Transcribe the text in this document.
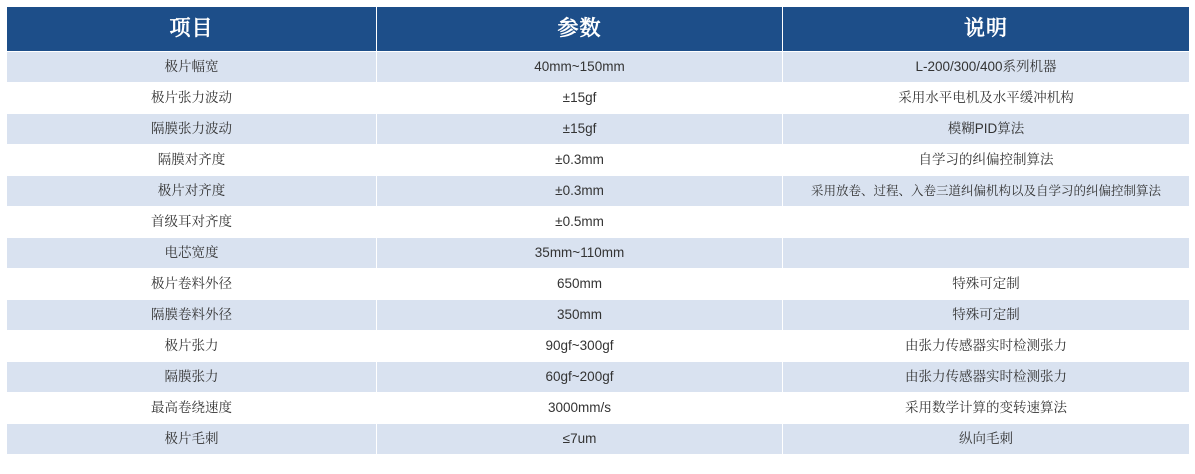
项目	参数	说明
极片幅宽	40mm~150mm	L-200/300/400系列机器
极片张力波动	±15gf	采用水平电机及水平缓冲机构
隔膜张力波动	±15gf	模糊PID算法
隔膜对齐度	±0.3mm	自学习的纠偏控制算法
极片对齐度	±0.3mm	采用放卷、过程、入卷三道纠偏机构以及自学习的纠偏控制算法
首级耳对齐度	±0.5mm	
电芯宽度	35mm~110mm	
极片卷料外径	650mm	特殊可定制
隔膜卷料外径	350mm	特殊可定制
极片张力	90gf~300gf	由张力传感器实时检测张力
隔膜张力	60gf~200gf	由张力传感器实时检测张力
最高卷绕速度	3000mm/s	采用数学计算的变转速算法
极片毛刺	≤7um	纵向毛刺
